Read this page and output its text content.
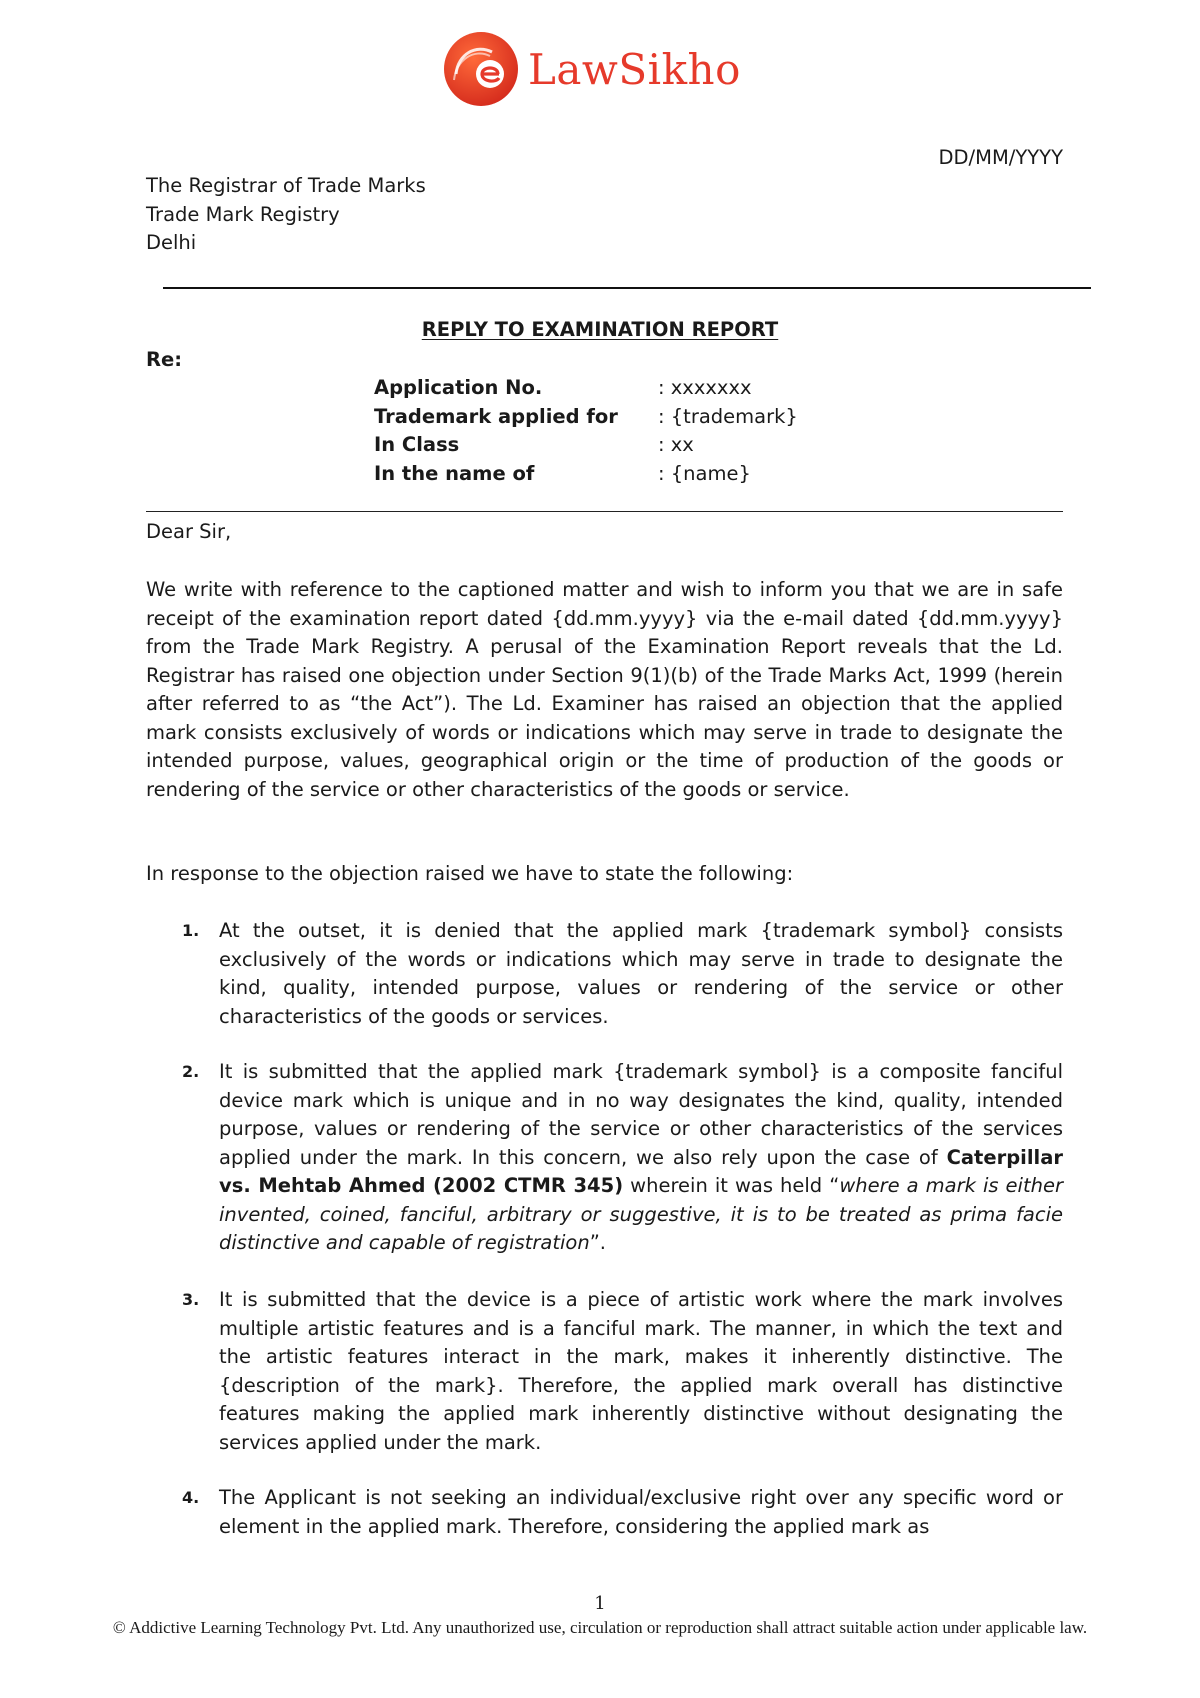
LawSikho
DD/MM/YYYY
The Registrar of Trade Marks
Trade Mark Registry
Delhi
REPLY TO EXAMINATION REPORT
Re:
Application No.	: xxxxxxx
Trademark applied for	: {trademark}
In Class	: xx
In the name of	: {name}
Dear Sir,
We write with reference to the captioned matter and wish to inform you that we are in safe receipt of the examination report dated {dd.mm.yyyy} via the e-mail dated {dd.mm.yyyy} from the Trade Mark Registry. A perusal of the Examination Report reveals that the Ld. Registrar has raised one objection under Section 9(1)(b) of the Trade Marks Act, 1999 (herein after referred to as “the Act”). The Ld. Examiner has raised an objection that the applied mark consists exclusively of words or indications which may serve in trade to designate the intended purpose, values, geographical origin or the time of production of the goods or rendering of the service or other characteristics of the goods or service.
In response to the objection raised we have to state the following:
1.	At the outset, it is denied that the applied mark {trademark symbol} consists exclusively of the words or indications which may serve in trade to designate the kind, quality, intended purpose, values or rendering of the service or other characteristics of the goods or services.
2.	It is submitted that the applied mark {trademark symbol} is a composite fanciful device mark which is unique and in no way designates the kind, quality, intended purpose, values or rendering of the service or other characteristics of the services applied under the mark. In this concern, we also rely upon the case of Caterpillar vs. Mehtab Ahmed (2002 CTMR 345) wherein it was held “where a mark is either invented, coined, fanciful, arbitrary or suggestive, it is to be treated as prima facie distinctive and capable of registration”.
3.	It is submitted that the device is a piece of artistic work where the mark involves multiple artistic features and is a fanciful mark. The manner, in which the text and the artistic features interact in the mark, makes it inherently distinctive. The {description of the mark}. Therefore, the applied mark overall has distinctive features making the applied mark inherently distinctive without designating the services applied under the mark.
4.	The Applicant is not seeking an individual/exclusive right over any specific word or element in the applied mark. Therefore, considering the applied mark as
1
© Addictive Learning Technology Pvt. Ltd. Any unauthorized use, circulation or reproduction shall attract suitable action under applicable law.
